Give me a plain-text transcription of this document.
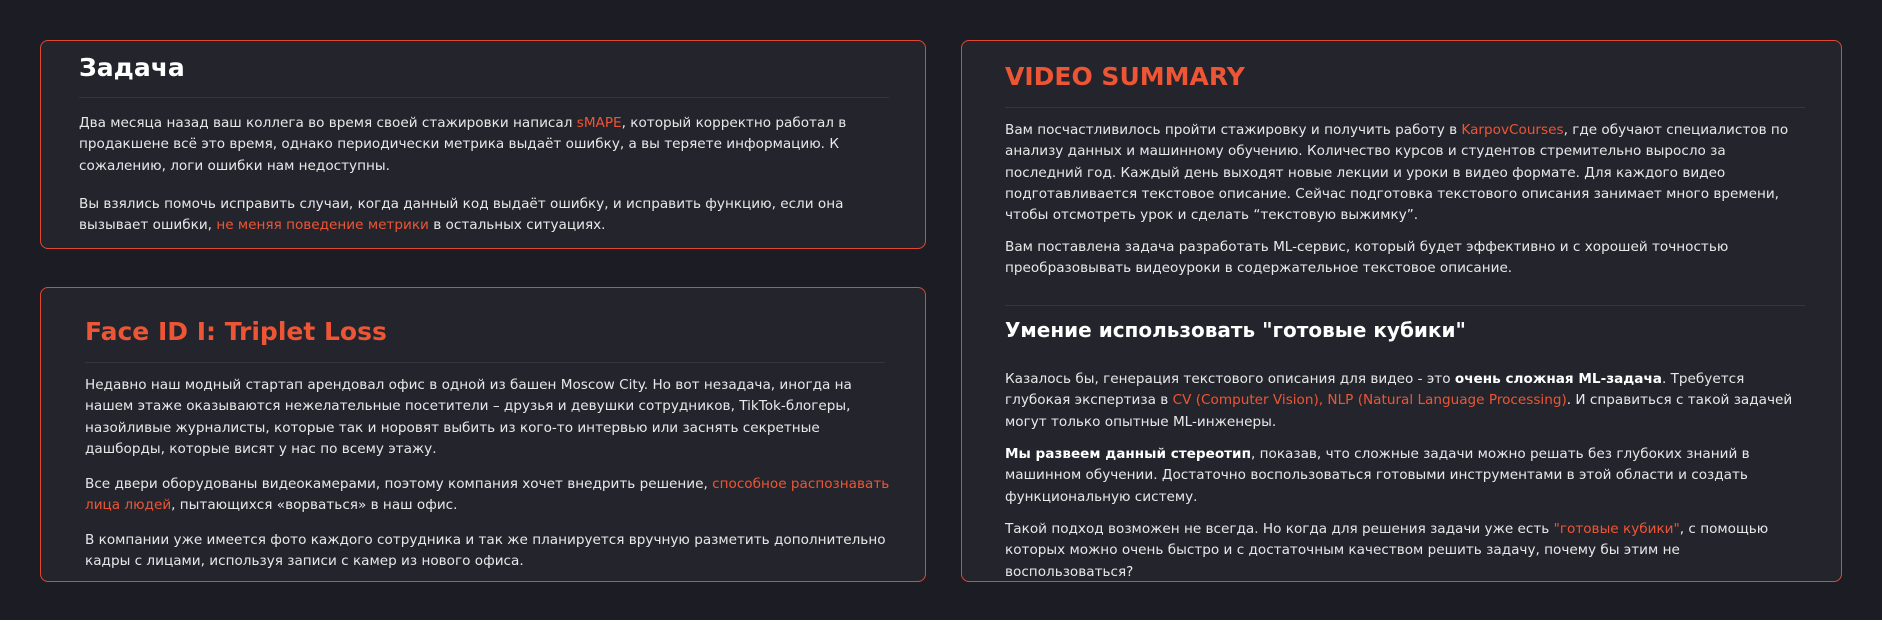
Задача

Два месяца назад ваш коллега во время своей стажировки написал sMAPE, который корректно работал в продакшене всё это время, однако периодически метрика выдаёт ошибку, а вы теряете информацию. К сожалению, логи ошибки нам недоступны.

Вы взялись помочь исправить случаи, когда данный код выдаёт ошибку, и исправить функцию, если она вызывает ошибки, не меняя поведение метрики в остальных ситуациях.

Face ID I: Triplet Loss

Недавно наш модный стартап арендовал офис в одной из башен Moscow City. Но вот незадача, иногда на нашем этаже оказываются нежелательные посетители – друзья и девушки сотрудников, TikTok-блогеры, назойливые журналисты, которые так и норовят выбить из кого-то интервью или заснять секретные дашборды, которые висят у нас по всему этажу.

Все двери оборудованы видеокамерами, поэтому компания хочет внедрить решение, способное распознавать лица людей, пытающихся «ворваться» в наш офис.

В компании уже имеется фото каждого сотрудника и так же планируется вручную разметить дополнительно кадры с лицами, используя записи с камер из нового офиса.

VIDEO SUMMARY

Вам посчастливилось пройти стажировку и получить работу в KarpovCourses, где обучают специалистов по анализу данных и машинному обучению. Количество курсов и студентов стремительно выросло за последний год. Каждый день выходят новые лекции и уроки в видео формате. Для каждого видео подготавливается текстовое описание. Сейчас подготовка текстового описания занимает много времени, чтобы отсмотреть урок и сделать “текстовую выжимку”.

Вам поставлена задача разработать ML-сервис, который будет эффективно и с хорошей точностью преобразовывать видеоуроки в содержательное текстовое описание.

Умение использовать "готовые кубики"

Казалось бы, генерация текстового описания для видео - это очень сложная ML-задача. Требуется глубокая экспертиза в CV (Computer Vision), NLP (Natural Language Processing). И справиться с такой задачей могут только опытные ML-инженеры.

Мы развеем данный стереотип, показав, что сложные задачи можно решать без глубоких знаний в машинном обучении. Достаточно воспользоваться готовыми инструментами в этой области и создать функциональную систему.

Такой подход возможен не всегда. Но когда для решения задачи уже есть "готовые кубики", с помощью которых можно очень быстро и с достаточным качеством решить задачу, почему бы этим не воспользоваться?
